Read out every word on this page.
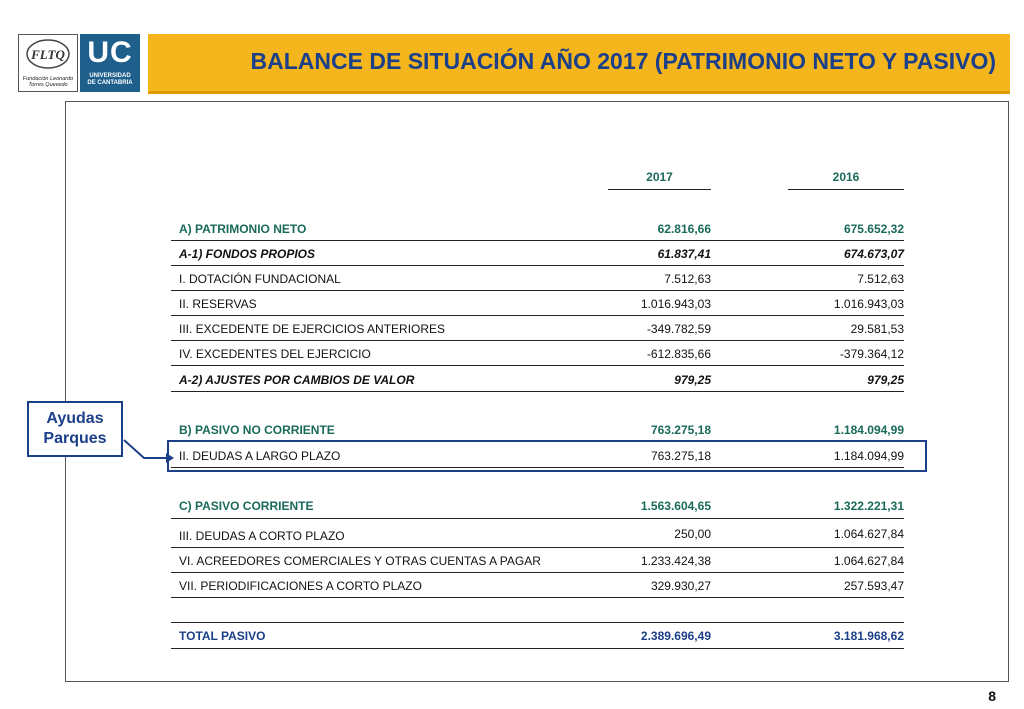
FLTQ
Fundación Leonardo Torres Quevedo
UC
UNIVERSIDAD
DE CANTABRIA
BALANCE DE SITUACIÓN AÑO 2017 (PATRIMONIO NETO Y PASIVO)
2017	2016
A) PATRIMONIO NETO	62.816,66	675.652,32
A-1) FONDOS PROPIOS	61.837,41	674.673,07
I. DOTACIÓN FUNDACIONAL	7.512,63	7.512,63
II. RESERVAS	1.016.943,03	1.016.943,03
III. EXCEDENTE DE EJERCICIOS ANTERIORES	-349.782,59	29.581,53
IV. EXCEDENTES DEL EJERCICIO	-612.835,66	-379.364,12
A-2) AJUSTES POR CAMBIOS DE VALOR	979,25	979,25
B) PASIVO NO CORRIENTE	763.275,18	1.184.094,99
II. DEUDAS A LARGO PLAZO	763.275,18	1.184.094,99
C) PASIVO CORRIENTE	1.563.604,65	1.322.221,31
III. DEUDAS A CORTO PLAZO	250,00	1.064.627,84
VI. ACREEDORES COMERCIALES Y OTRAS CUENTAS A PAGAR	1.233.424,38	1.064.627,84
VII. PERIODIFICACIONES A CORTO PLAZO	329.930,27	257.593,47
TOTAL PASIVO	2.389.696,49	3.181.968,62
Ayudas
Parques
8
